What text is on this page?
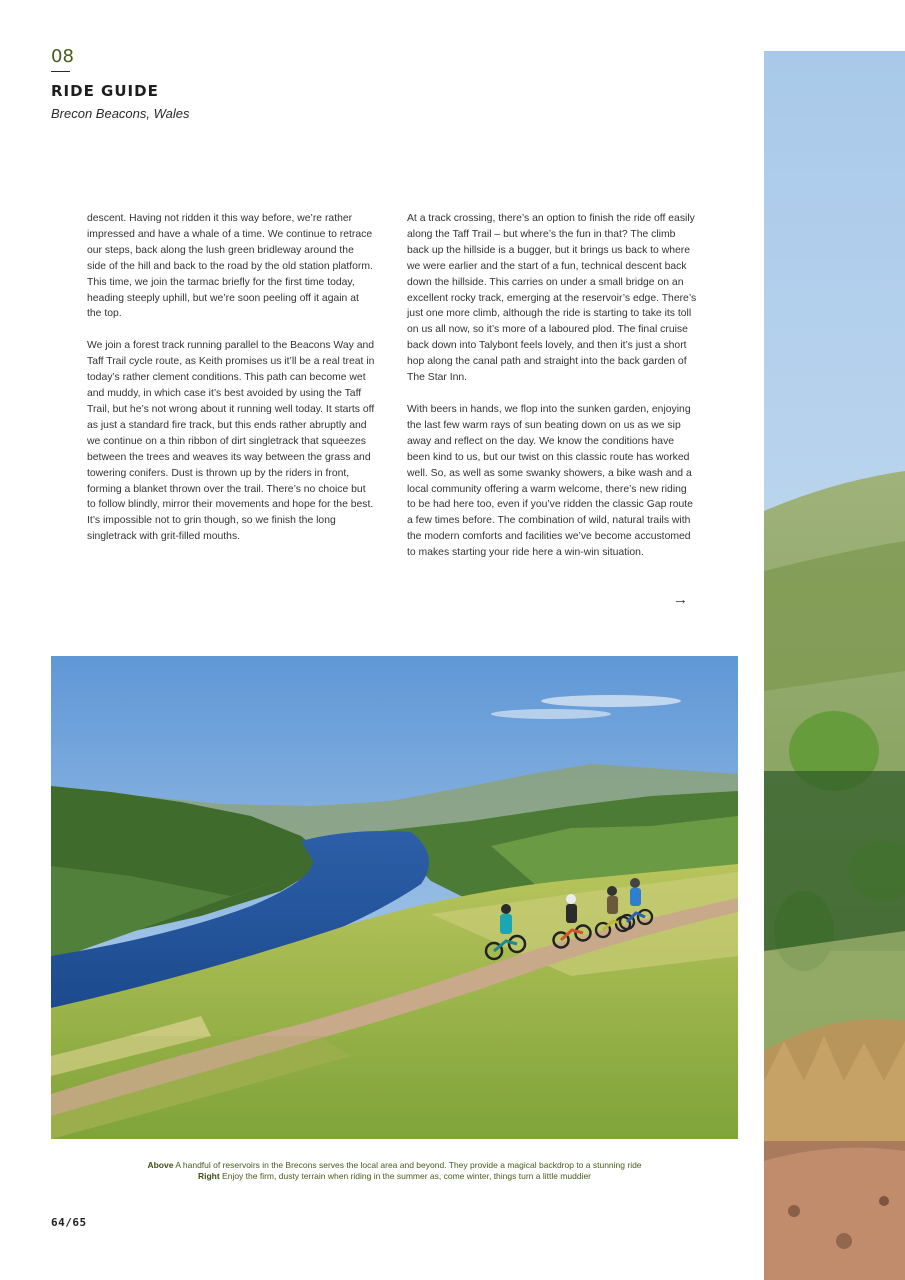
08
RIDE GUIDE
Brecon Beacons, Wales

descent. Having not ridden it this way before, we’re rather impressed and have a whale of a time. We continue to retrace our steps, back along the lush green bridleway around the side of the hill and back to the road by the old station platform. This time, we join the tarmac briefly for the first time today, heading steeply uphill, but we’re soon peeling off it again at the top.

We join a forest track running parallel to the Beacons Way and Taff Trail cycle route, as Keith promises us it’ll be a real treat in today’s rather clement conditions. This path can become wet and muddy, in which case it’s best avoided by using the Taff Trail, but he’s not wrong about it running well today. It starts off as just a standard fire track, but this ends rather abruptly and we continue on a thin ribbon of dirt singletrack that squeezes between the trees and weaves its way between the grass and towering conifers. Dust is thrown up by the riders in front, forming a blanket thrown over the trail. There’s no choice but to follow blindly, mirror their movements and hope for the best. It’s impossible not to grin though, so we finish the long singletrack with grit-filled mouths.

At a track crossing, there’s an option to finish the ride off easily along the Taff Trail – but where’s the fun in that? The climb back up the hillside is a bugger, but it brings us back to where we were earlier and the start of a fun, technical descent back down the hillside. This carries on under a small bridge on an excellent rocky track, emerging at the reservoir’s edge. There’s just one more climb, although the ride is starting to take its toll on us all now, so it’s more of a laboured plod. The final cruise back down into Talybont feels lovely, and then it’s just a short hop along the canal path and straight into the back garden of The Star Inn.

With beers in hands, we flop into the sunken garden, enjoying the last few warm rays of sun beating down on us as we sip away and reflect on the day. We know the conditions have been kind to us, but our twist on this classic route has worked well. So, as well as some swanky showers, a bike wash and a local community offering a warm welcome, there’s new riding to be had here too, even if you’ve ridden the classic Gap route a few times before. The combination of wild, natural trails with the modern comforts and facilities we’ve become accustomed to makes starting your ride here a win-win situation.

→
Above A handful of reservoirs in the Brecons serves the local area and beyond. They provide a magical backdrop to a stunning ride
Right Enjoy the firm, dusty terrain when riding in the summer as, come winter, things turn a little muddier
64/65
